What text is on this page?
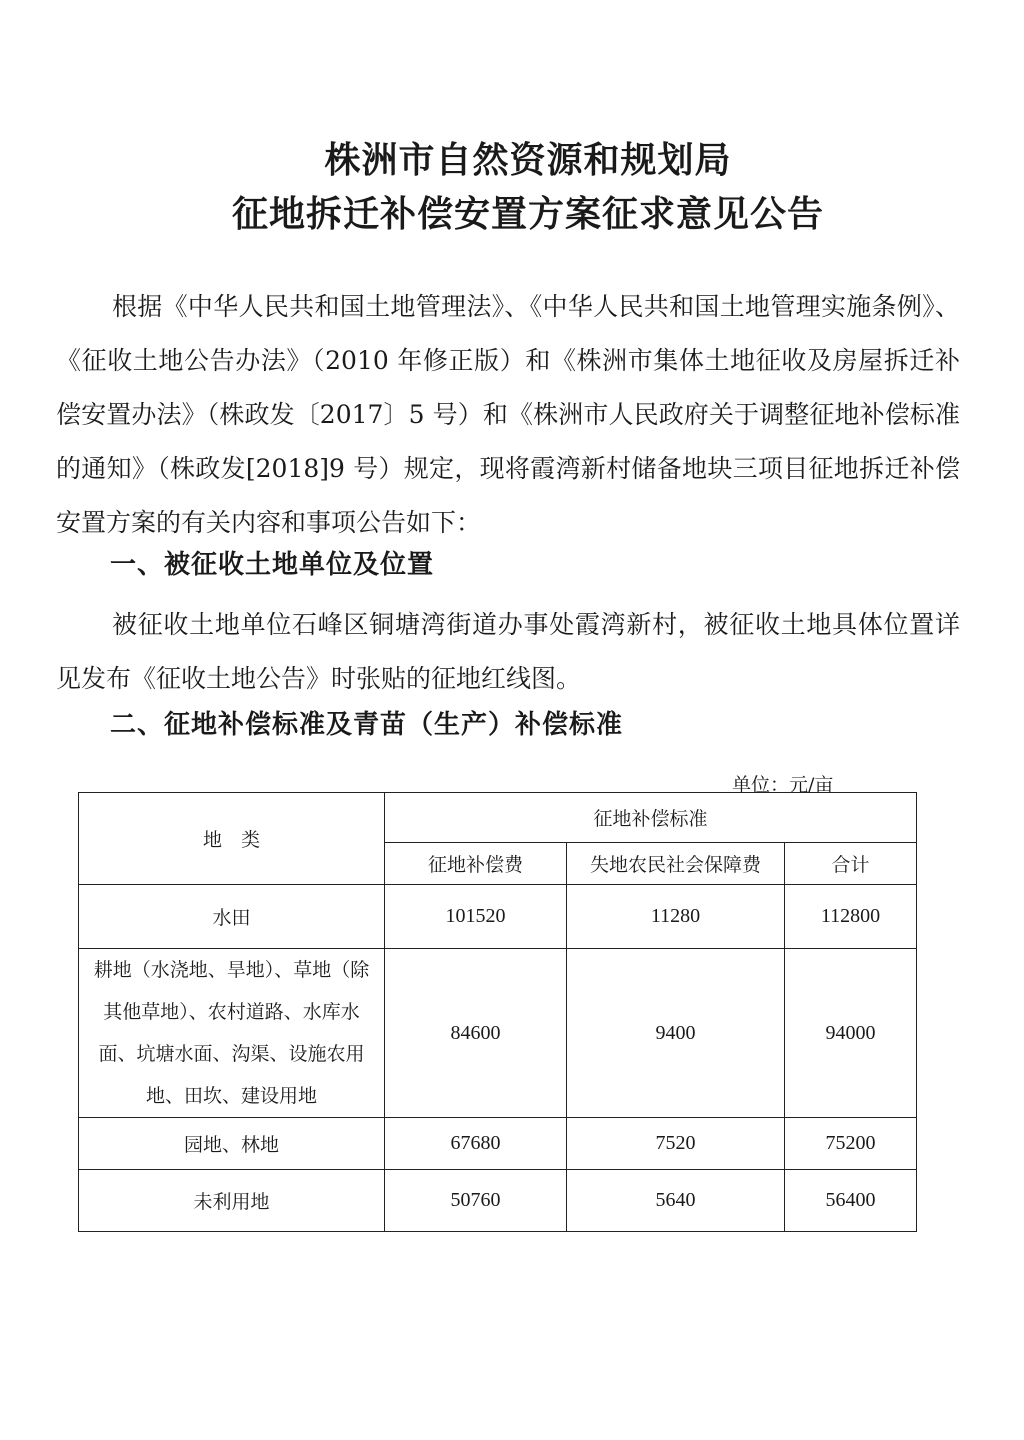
株洲市自然资源和规划局
征地拆迁补偿安置方案征求意见公告

根据《中华人民共和国土地管理法》、《中华人民共和国土地管理实施条例》、《征收土地公告办法》（2010 年修正版）和《株洲市集体土地征收及房屋拆迁补偿安置办法》（株政发〔2017〕5 号）和《株洲市人民政府关于调整征地补偿标准的通知》（株政发[2018]9 号）规定，现将霞湾新村储备地块三项目征地拆迁补偿安置方案的有关内容和事项公告如下：

一、被征收土地单位及位置

被征收土地单位石峰区铜塘湾街道办事处霞湾新村，被征收土地具体位置详见发布《征收土地公告》时张贴的征地红线图。

二、征地补偿标准及青苗（生产）补偿标准
单位：元/亩
地　类	征地补偿标准		
	征地补偿费	失地农民社会保障费	合计
水田	101520	11280	112800
耕地（水浇地、旱地）、草地（除其他草地）、农村道路、水库水面、坑塘水面、沟渠、设施农用地、田坎、建设用地	84600	9400	94000
园地、林地	67680	7520	75200
未利用地	50760	5640	56400
